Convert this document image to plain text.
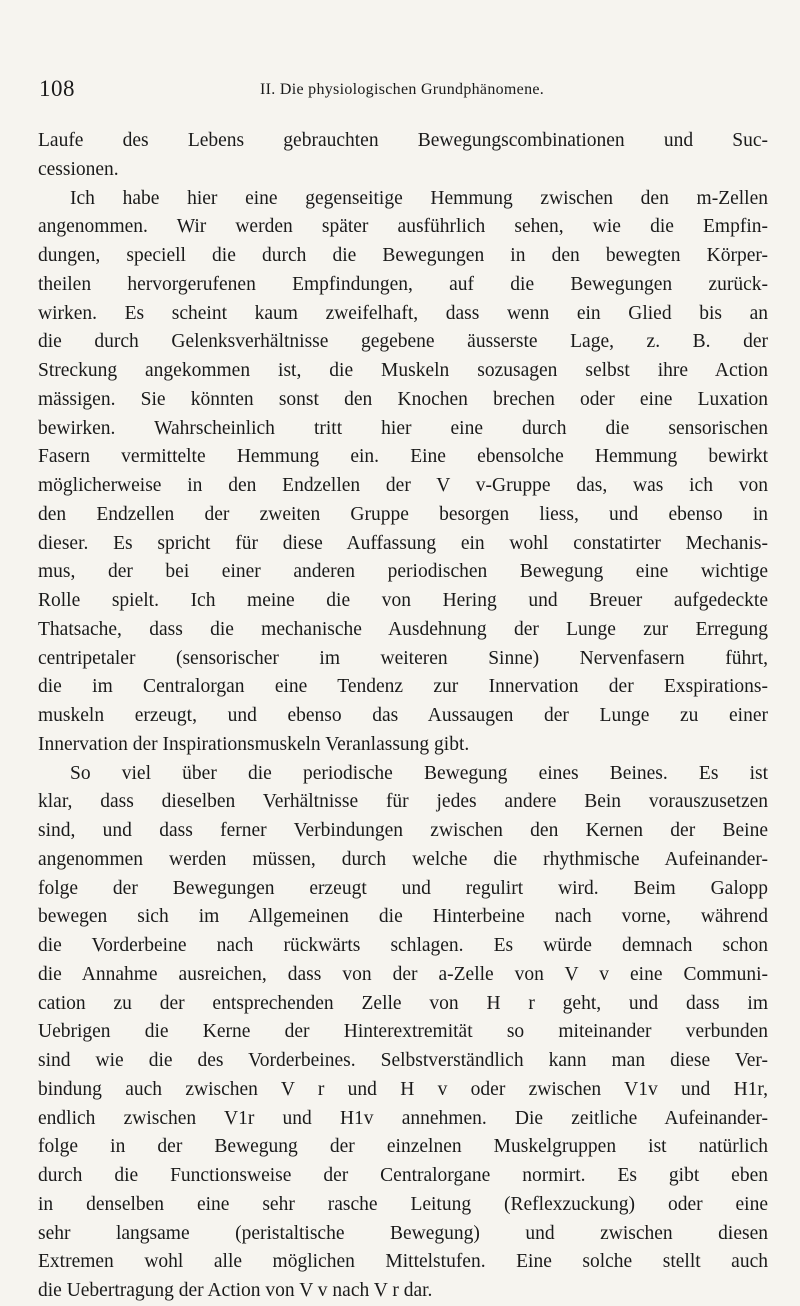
108	II. Die physiologischen Grundphänomene.
Laufe des Lebens gebrauchten Bewegungscombinationen und Suc-
cessionen.
Ich habe hier eine gegenseitige Hemmung zwischen den m-Zellen
angenommen. Wir werden später ausführlich sehen, wie die Empfin-
dungen, speciell die durch die Bewegungen in den bewegten Körper-
theilen hervorgerufenen Empfindungen, auf die Bewegungen zurück-
wirken. Es scheint kaum zweifelhaft, dass wenn ein Glied bis an
die durch Gelenksverhältnisse gegebene äusserste Lage, z. B. der
Streckung angekommen ist, die Muskeln sozusagen selbst ihre Action
mässigen. Sie könnten sonst den Knochen brechen oder eine Luxation
bewirken. Wahrscheinlich tritt hier eine durch die sensorischen
Fasern vermittelte Hemmung ein. Eine ebensolche Hemmung bewirkt
möglicherweise in den Endzellen der V v-Gruppe das, was ich von
den Endzellen der zweiten Gruppe besorgen liess, und ebenso in
dieser. Es spricht für diese Auffassung ein wohl constatirter Mechanis-
mus, der bei einer anderen periodischen Bewegung eine wichtige
Rolle spielt. Ich meine die von Hering und Breuer aufgedeckte
Thatsache, dass die mechanische Ausdehnung der Lunge zur Erregung
centripetaler (sensorischer im weiteren Sinne) Nervenfasern führt,
die im Centralorgan eine Tendenz zur Innervation der Exspirations-
muskeln erzeugt, und ebenso das Aussaugen der Lunge zu einer
Innervation der Inspirationsmuskeln Veranlassung gibt.
So viel über die periodische Bewegung eines Beines. Es ist
klar, dass dieselben Verhältnisse für jedes andere Bein vorauszusetzen
sind, und dass ferner Verbindungen zwischen den Kernen der Beine
angenommen werden müssen, durch welche die rhythmische Aufeinander-
folge der Bewegungen erzeugt und regulirt wird. Beim Galopp
bewegen sich im Allgemeinen die Hinterbeine nach vorne, während
die Vorderbeine nach rückwärts schlagen. Es würde demnach schon
die Annahme ausreichen, dass von der a-Zelle von V v eine Communi-
cation zu der entsprechenden Zelle von H r geht, und dass im
Uebrigen die Kerne der Hinterextremität so miteinander verbunden
sind wie die des Vorderbeines. Selbstverständlich kann man diese Ver-
bindung auch zwischen V r und H v oder zwischen V1v und H1r,
endlich zwischen V1r und H1v annehmen. Die zeitliche Aufeinander-
folge in der Bewegung der einzelnen Muskelgruppen ist natürlich
durch die Functionsweise der Centralorgane normirt. Es gibt eben
in denselben eine sehr rasche Leitung (Reflexzuckung) oder eine
sehr langsame (peristaltische Bewegung) und zwischen diesen
Extremen wohl alle möglichen Mittelstufen. Eine solche stellt auch
die Uebertragung der Action von V v nach V r dar.
